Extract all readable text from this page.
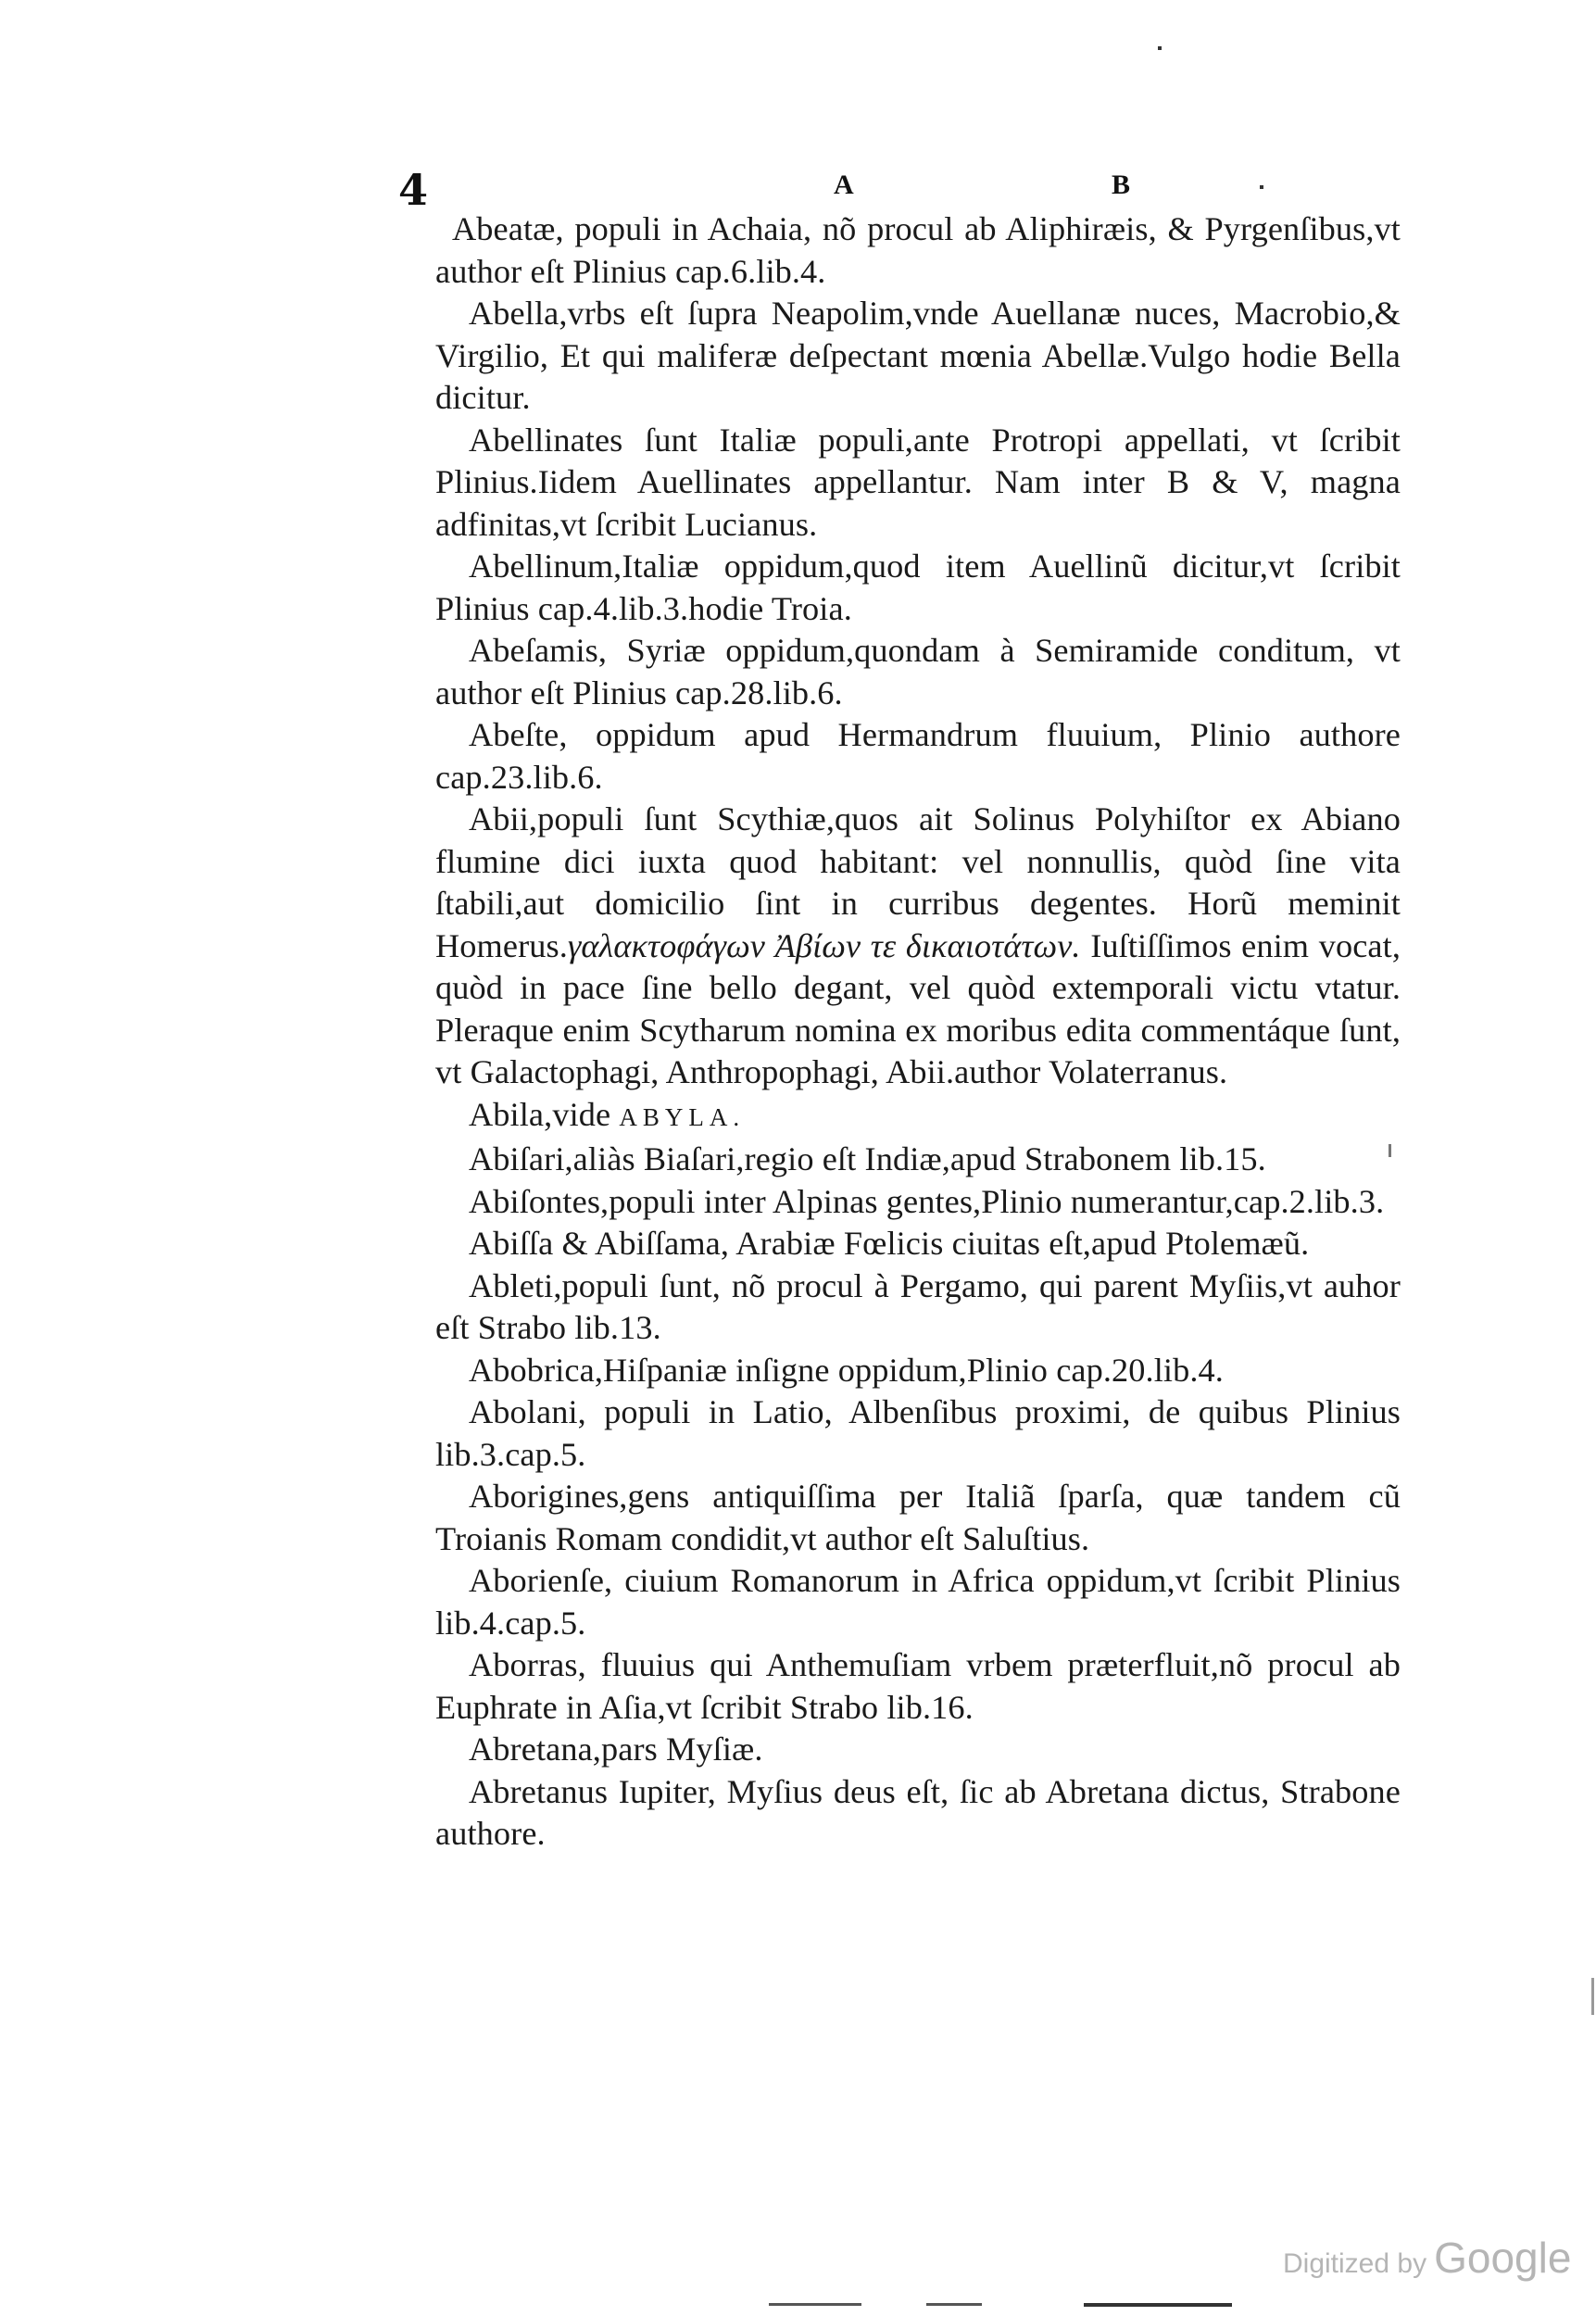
4	A	B

Abeatæ, populi in Achaia, nõ procul ab Aliphiræis, & Pyrgenſibus,vt author eſt Plinius cap.6.lib.4.

Abella,vrbs eſt ſupra Neapolim,vnde Auellanæ nuces, Macrobio,& Virgilio, Et qui maliferæ deſpectant mœnia Abellæ.Vulgo hodie Bella dicitur.

Abellinates ſunt Italiæ populi,ante Protropi appellati, vt ſcribit Plinius.Iidem Auellinates appellantur. Nam inter B & V, magna adfinitas,vt ſcribit Lucianus.

Abellinum,Italiæ oppidum,quod item Auellinũ dicitur,vt ſcribit Plinius cap.4.lib.3.hodie Troia.

Abeſamis, Syriæ oppidum,quondam à Semiramide conditum, vt author eſt Plinius cap.28.lib.6.

Abeſte, oppidum apud Hermandrum fluuium, Plinio authore cap.23.lib.6.

Abii,populi ſunt Scythiæ,quos ait Solinus Polyhiſtor ex Abiano flumine dici iuxta quod habitant: vel nonnullis, quòd ſine vita ſtabili,aut domicilio ſint in curribus degentes. Horũ meminit Homerus.γαλακτοφάγων Ἀβίων τε δικαιοτάτων. Iuſtiſſimos enim vocat, quòd in pace ſine bello degant, vel quòd extemporali victu vtatur. Pleraque enim Scytharum nomina ex moribus edita commentáque ſunt, vt Galactophagi, Anthropophagi, Abii.author Volaterranus.

Abila,vide ABYLA.

Abiſari,aliàs Biaſari,regio eſt Indiæ,apud Strabonem lib.15.

Abiſontes,populi inter Alpinas gentes,Plinio numerantur,cap.2.lib.3.

Abiſſa & Abiſſama, Arabiæ Fœlicis ciuitas eſt,apud Ptolemæũ.

Ableti,populi ſunt, nõ procul à Pergamo, qui parent Myſiis,vt auhor eſt Strabo lib.13.

Abobrica,Hiſpaniæ inſigne oppidum,Plinio cap.20.lib.4.

Abolani, populi in Latio, Albenſibus proximi, de quibus Plinius lib.3.cap.5.

Aborigines,gens antiquiſſima per Italiã ſparſa, quæ tandem cũ Troianis Romam condidit,vt author eſt Saluſtius.

Aborienſe, ciuium Romanorum in Africa oppidum,vt ſcribit Plinius lib.4.cap.5.

Aborras, fluuius qui Anthemuſiam vrbem præterfluit,nõ procul ab Euphrate in Aſia,vt ſcribit Strabo lib.16.

Abretana,pars Myſiæ.

Abretanus Iupiter, Myſius deus eſt, ſic ab Abretana dictus, Strabone authore.

Digitized by Google
